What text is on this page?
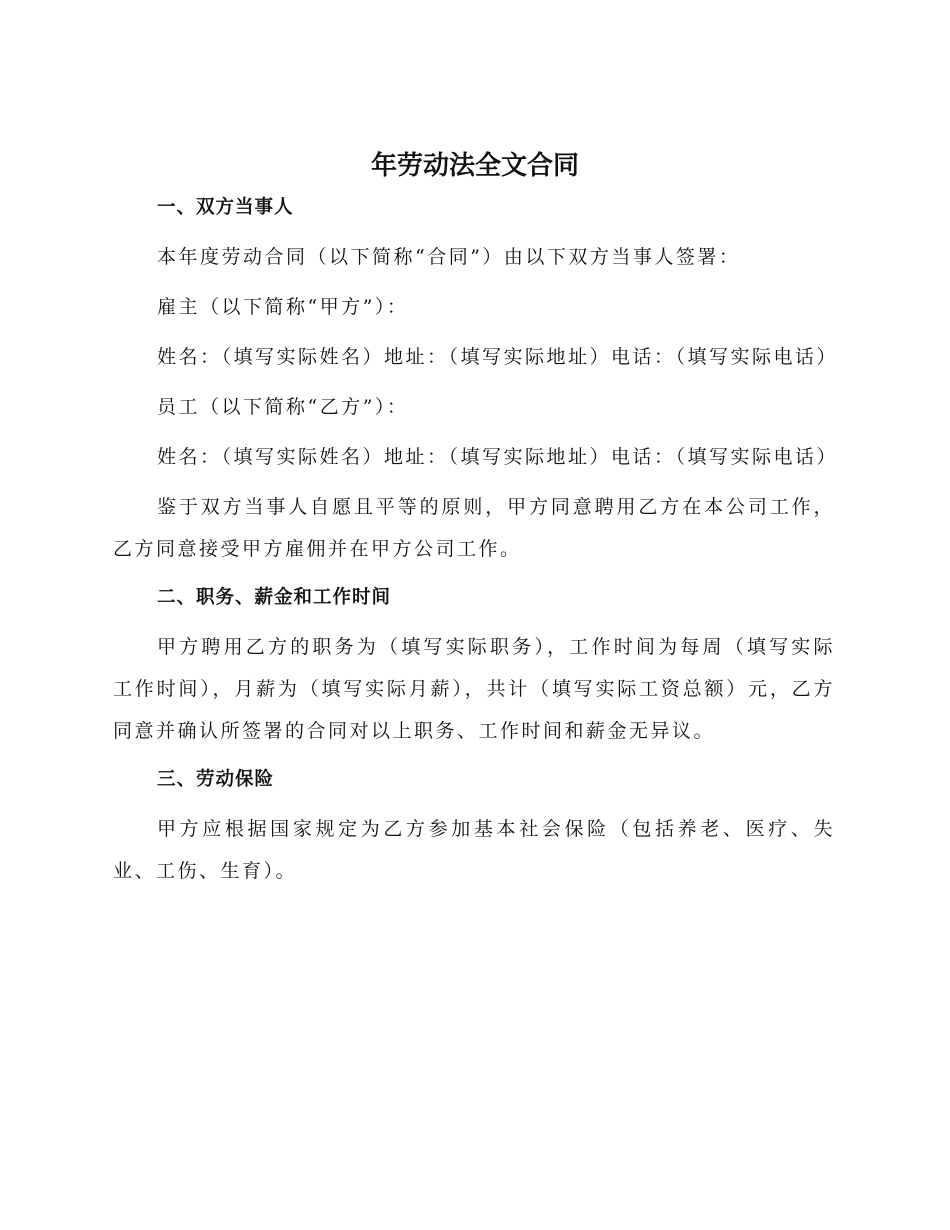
年劳动法全文合同
一、双方当事人

本年度劳动合同（以下简称“合同”）由以下双方当事人签署：

雇主（以下简称“甲方”）：

姓名：（填写实际姓名）地址：（填写实际地址）电话：（填写实际电话）

员工（以下简称“乙方”）：

姓名：（填写实际姓名）地址：（填写实际地址）电话：（填写实际电话）

鉴于双方当事人自愿且平等的原则，甲方同意聘用乙方在本公司工作，乙方同意接受甲方雇佣并在甲方公司工作。

二、职务、薪金和工作时间

甲方聘用乙方的职务为（填写实际职务），工作时间为每周（填写实际工作时间），月薪为（填写实际月薪），共计（填写实际工资总额）元，乙方同意并确认所签署的合同对以上职务、工作时间和薪金无异议。

三、劳动保险

甲方应根据国家规定为乙方参加基本社会保险（包括养老、医疗、失业、工伤、生育）。
